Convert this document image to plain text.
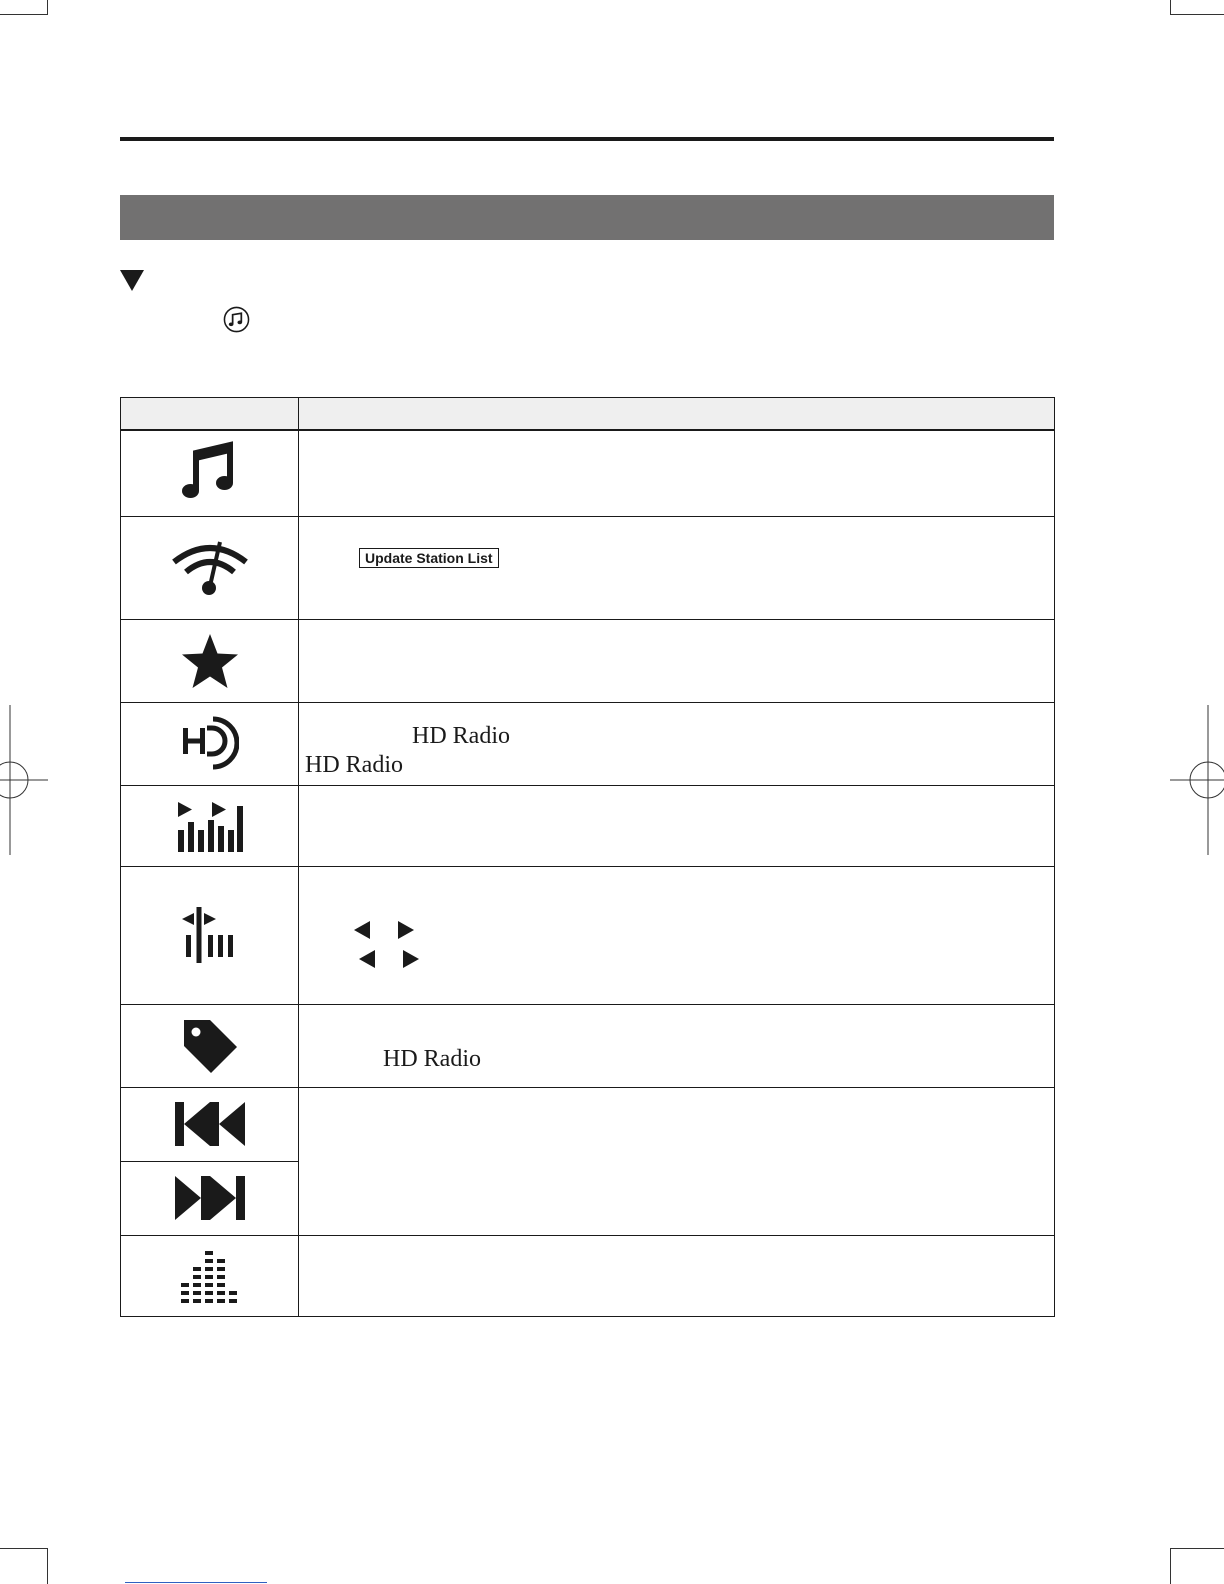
Update Station List

HD Radio
HD Radio

HD Radio
